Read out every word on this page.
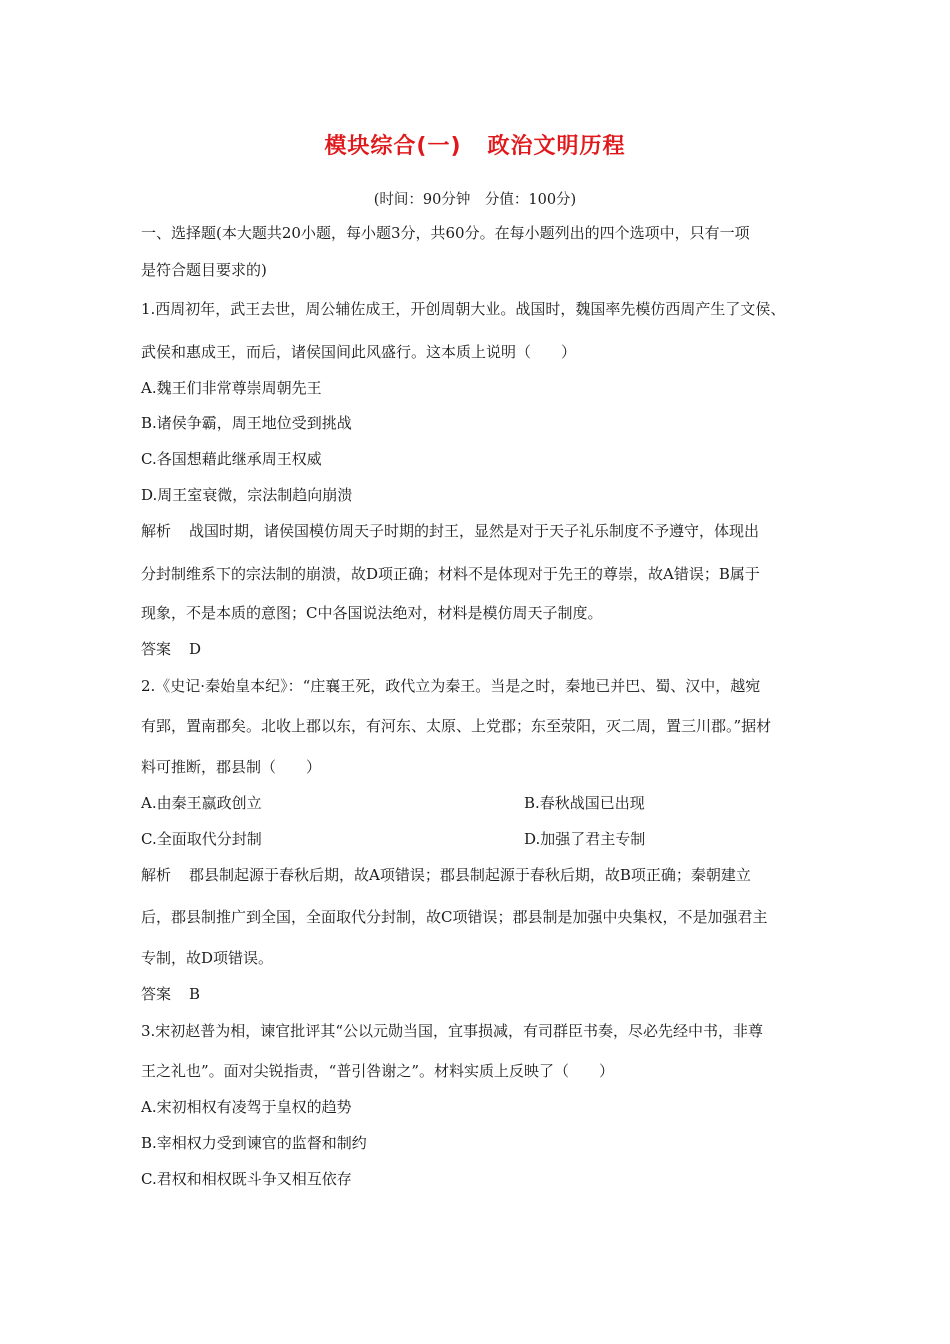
模块综合(一) 政治文明历程
(时间：90分钟　分值：100分)
一、选择题(本大题共20小题，每小题3分，共60分。在每小题列出的四个选项中，只有一项
是符合题目要求的)
1.西周初年，武王去世，周公辅佐成王，开创周朝大业。战国时，魏国率先模仿西周产生了文侯、
武侯和惠成王，而后，诸侯国间此风盛行。这本质上说明（　　）
A.魏王们非常尊崇周朝先王
B.诸侯争霸，周王地位受到挑战
C.各国想藉此继承周王权威
D.周王室衰微，宗法制趋向崩溃
解析 战国时期，诸侯国模仿周天子时期的封王，显然是对于天子礼乐制度不予遵守，体现出
分封制维系下的宗法制的崩溃，故D项正确；材料不是体现对于先王的尊崇，故A错误；B属于
现象，不是本质的意图；C中各国说法绝对，材料是模仿周天子制度。
答案 D
2.《史记·秦始皇本纪》：“庄襄王死，政代立为秦王。当是之时，秦地已并巴、蜀、汉中，越宛
有郢，置南郡矣。北收上郡以东，有河东、太原、上党郡；东至荥阳，灭二周，置三川郡。”据材
料可推断，郡县制（　　）
A.由秦王嬴政创立	B.春秋战国已出现
C.全面取代分封制	D.加强了君主专制
解析 郡县制起源于春秋后期，故A项错误；郡县制起源于春秋后期，故B项正确；秦朝建立
后，郡县制推广到全国，全面取代分封制，故C项错误；郡县制是加强中央集权，不是加强君主
专制，故D项错误。
答案 B
3.宋初赵普为相，谏官批评其“公以元勋当国，宜事损减，有司群臣书奏，尽必先经中书，非尊
王之礼也”。面对尖锐指责，“普引咎谢之”。材料实质上反映了（　　）
A.宋初相权有凌驾于皇权的趋势
B.宰相权力受到谏官的监督和制约
C.君权和相权既斗争又相互依存
